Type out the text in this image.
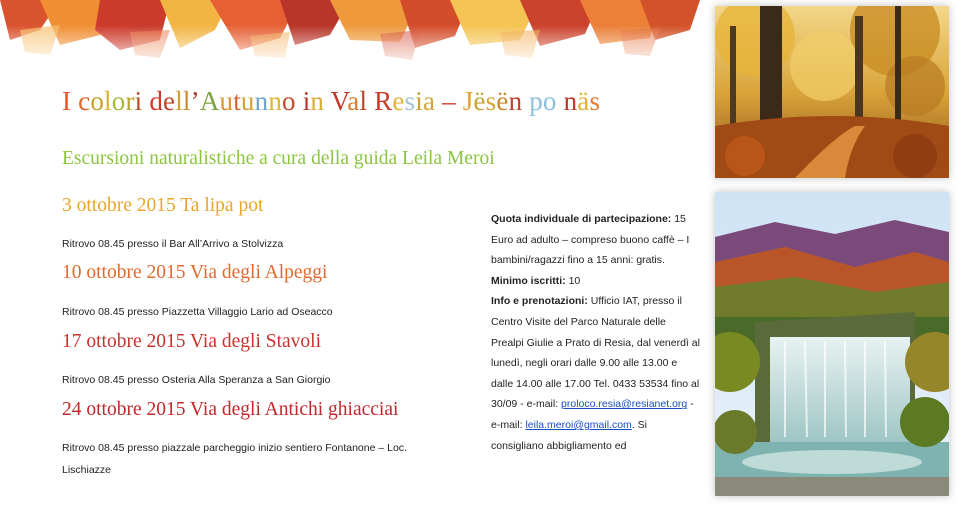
I colori dell’Autunno in Val Resia – Jësën po näs

Escursioni naturalistiche a cura della guida Leila Meroi

3 ottobre 2015 Ta lipa pot

Ritrovo 08.45 presso il Bar All’Arrivo a Stolvizza

10 ottobre 2015 Via degli Alpeggi

Ritrovo 08.45 presso Piazzetta Villaggio Lario ad Oseacco

17 ottobre 2015 Via degli Stavoli

Ritrovo 08.45 presso Osteria Alla Speranza a San Giorgio

24 ottobre 2015 Via degli Antichi ghiacciai

Ritrovo 08.45 presso piazzale parcheggio inizio sentiero Fontanone – Loc.
Lischiazze

Quota individuale di partecipazione: 15 Euro ad adulto – compreso buono caffè – I bambini/ragazzi fino a 15 anni: gratis.
Minimo iscritti: 10
Info e prenotazioni: Ufficio IAT, presso il Centro Visite del Parco Naturale delle Prealpi Giulie a Prato di Resia, dal venerdì al lunedì, negli orari dalle 9.00 alle 13.00 e dalle 14.00 alle 17.00 Tel. 0433 53534 fino al 30/09 - e-mail: proloco.resia@resianet.org - e-mail: leila.meroi@gmail.com. Si consigliano abbigliamento ed
